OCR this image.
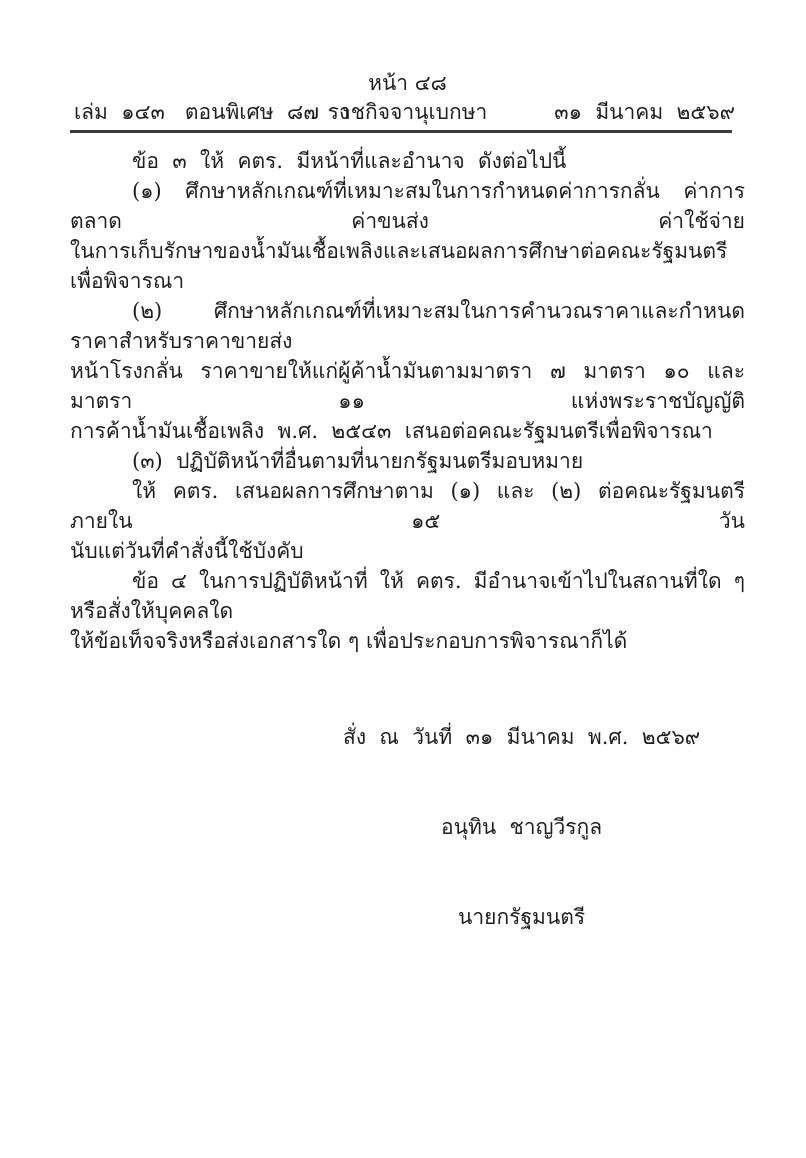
หน้า ๔๘

เล่ม  ๑๔๓   ตอนพิเศษ  ๘๗   ง

ราชกิจจานุเบกษา

	๓๑  มีนาคม  ๒๕๖๙

ข้อ  ๓  ให้  คตร.  มีหน้าที่และอำนาจ  ดังต่อไปนี้
(๑) ศึกษาหลักเกณฑ์ที่เหมาะสมในการกำหนดค่าการกลั่น ค่าการตลาด ค่าขนส่ง ค่าใช้จ่าย
ในการเก็บรักษาของน้ำมันเชื้อเพลิงและเสนอผลการศึกษาต่อคณะรัฐมนตรีเพื่อพิจารณา
(๒) ศึกษาหลักเกณฑ์ที่เหมาะสมในการคำนวณราคาและกำหนดราคาสำหรับราคาขายส่ง
หน้าโรงกลั่น ราคาขายให้แก่ผู้ค้าน้ำมันตามมาตรา ๗ มาตรา ๑๐ และมาตรา ๑๑ แห่งพระราชบัญญัติ
การค้าน้ำมันเชื้อเพลิง  พ.ศ.  ๒๕๔๓  เสนอต่อคณะรัฐมนตรีเพื่อพิจารณา
(๓)  ปฏิบัติหน้าที่อื่นตามที่นายกรัฐมนตรีมอบหมาย
ให้ คตร. เสนอผลการศึกษาตาม (๑) และ (๒) ต่อคณะรัฐมนตรีภายใน ๑๕ วัน
นับแต่วันที่คำสั่งนี้ใช้บังคับ
ข้อ ๔ ในการปฏิบัติหน้าที่ ให้ คตร. มีอำนาจเข้าไปในสถานที่ใด ๆ หรือสั่งให้บุคคลใด
ให้ข้อเท็จจริงหรือส่งเอกสารใด ๆ เพื่อประกอบการพิจารณาก็ได้

สั่ง  ณ  วันที่  ๓๑  มีนาคม  พ.ศ.  ๒๕๖๙

อนุทิน  ชาญวีรกูล

นายกรัฐมนตรี
